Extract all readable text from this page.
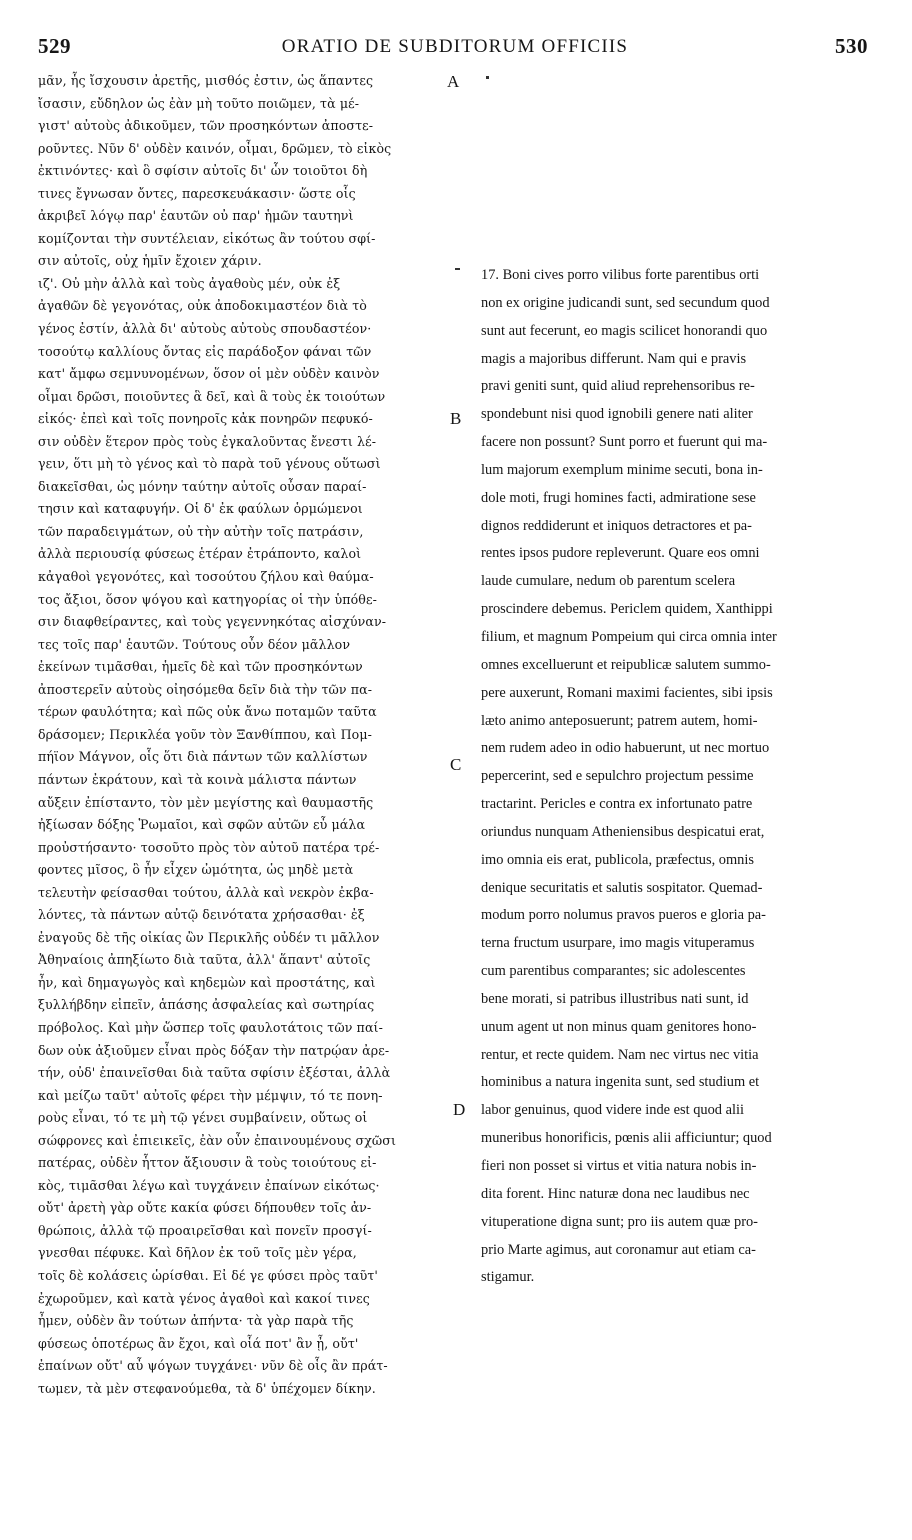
529	ORATIO DE SUBDITORUM OFFICIIS	530
μᾶν, ἧς ἴσχουσιν ἀρετῆς, μισθός ἐστιν, ὡς ἅπαντες
ἴσασιν, εὔδηλον ὡς ἐὰν μὴ τοῦτο ποιῶμεν, τὰ μέ-
γιστ' αὐτοὺς ἀδικοῦμεν, τῶν προσηκόντων ἀποστε-
ροῦντες. Νῦν δ' οὐδὲν καινόν, οἶμαι, δρῶμεν, τὸ εἰκὸς
ἐκτινόντες· καὶ ὃ σφίσιν αὐτοῖς δι' ὧν τοιοῦτοι δὴ
τινες ἔγνωσαν ὄντες, παρεσκευάκασιν· ὥστε οἷς
ἀκριβεῖ λόγῳ παρ' ἑαυτῶν οὐ παρ' ἡμῶν ταυτηνὶ
κομίζονται τὴν συντέλειαν, εἰκότως ἂν τούτου σφί-
σιν αὐτοῖς, οὐχ ἡμῖν ἔχοιεν χάριν.
ιζ'. Οὐ μὴν ἀλλὰ καὶ τοὺς ἀγαθοὺς μέν, οὐκ ἐξ
ἀγαθῶν δὲ γεγονότας, οὐκ ἀποδοκιμαστέον διὰ τὸ
γένος ἐστίν, ἀλλὰ δι' αὐτοὺς αὐτοὺς σπουδαστέον·
τοσούτῳ καλλίους ὄντας εἰς παράδοξον φάναι τῶν
κατ' ἄμφω σεμνυνομένων, ὅσον οἱ μὲν οὐδὲν καινὸν
οἶμαι δρῶσι, ποιοῦντες ἃ δεῖ, καὶ ἃ τοὺς ἐκ τοιούτων
εἰκός· ἐπεὶ καὶ τοῖς πονηροῖς κἀκ πονηρῶν πεφυκό-
σιν οὐδὲν ἕτερον πρὸς τοὺς ἐγκαλοῦντας ἔνεστι λέ-
γειν, ὅτι μὴ τὸ γένος καὶ τὸ παρὰ τοῦ γένους οὕτωσὶ
διακεῖσθαι, ὡς μόνην ταύτην αὐτοῖς οὖσαν παραί-
τησιν καὶ καταφυγήν. Οἱ δ' ἐκ φαύλων ὁρμώμενοι
τῶν παραδειγμάτων, οὐ τὴν αὐτὴν τοῖς πατράσιν,
ἀλλὰ περιουσίᾳ φύσεως ἑτέραν ἐτράποντο, καλοὶ
κἀγαθοὶ γεγονότες, καὶ τοσούτου ζήλου καὶ θαύμα-
τος ἄξιοι, ὅσον ψόγου καὶ κατηγορίας οἱ τὴν ὑπόθε-
σιν διαφθείραντες, καὶ τοὺς γεγεννηκότας αἰσχύναν-
τες τοῖς παρ' ἑαυτῶν. Τούτους οὖν δέον μᾶλλον
ἐκείνων τιμᾶσθαι, ἡμεῖς δὲ καὶ τῶν προσηκόντων
ἀποστερεῖν αὐτοὺς οἰησόμεθα δεῖν διὰ τὴν τῶν πα-
τέρων φαυλότητα; καὶ πῶς οὐκ ἄνω ποταμῶν ταῦτα
δράσομεν; Περικλέα γοῦν τὸν Ξανθίππου, καὶ Πομ-
πήϊον Μάγνον, οἷς ὅτι διὰ πάντων τῶν καλλίστων
πάντων ἐκράτουν, καὶ τὰ κοινὰ μάλιστα πάντων
αὔξειν ἐπίσταντο, τὸν μὲν μεγίστης καὶ θαυμαστῆς
ἠξίωσαν δόξης Ῥωμαῖοι, καὶ σφῶν αὐτῶν εὖ μάλα
προὐστήσαντο· τοσοῦτο πρὸς τὸν αὐτοῦ πατέρα τρέ-
φοντες μῖσος, ὃ ἦν εἶχεν ὠμότητα, ὡς μηδὲ μετὰ
τελευτὴν φείσασθαι τούτου, ἀλλὰ καὶ νεκρὸν ἐκβα-
λόντες, τὰ πάντων αὐτῷ δεινότατα χρήσασθαι· ἐξ
ἐναγοῦς δὲ τῆς οἰκίας ὢν Περικλῆς οὐδέν τι μᾶλλον
Ἀθηναίοις ἀπηξίωτο διὰ ταῦτα, ἀλλ' ἅπαντ' αὐτοῖς
ἦν, καὶ δημαγωγὸς καὶ κηδεμὼν καὶ προστάτης, καὶ
ξυλλήβδην εἰπεῖν, ἁπάσης ἀσφαλείας καὶ σωτηρίας
πρόβολος. Καὶ μὴν ὥσπερ τοῖς φαυλοτάτοις τῶν παί-
δων οὐκ ἀξιοῦμεν εἶναι πρὸς δόξαν τὴν πατρῴαν ἀρε-
τήν, οὐδ' ἐπαινεῖσθαι διὰ ταῦτα σφίσιν ἐξέσται, ἀλλὰ
καὶ μείζω ταῦτ' αὐτοῖς φέρει τὴν μέμψιν, τό τε πονη-
ροὺς εἶναι, τό τε μὴ τῷ γένει συμβαίνειν, οὕτως οἱ
σώφρονες καὶ ἐπιεικεῖς, ἐὰν οὖν ἐπαινουμένους σχῶσι
πατέρας, οὐδὲν ἧττον ἄξιουσιν ἃ τοὺς τοιούτους εἰ-
κὸς, τιμᾶσθαι λέγω καὶ τυγχάνειν ἐπαίνων εἰκότως·
οὔτ' ἀρετὴ γὰρ οὔτε κακία φύσει δήπουθεν τοῖς ἀν-
θρώποις, ἀλλὰ τῷ προαιρεῖσθαι καὶ πονεῖν προσγί-
γνεσθαι πέφυκε. Καὶ δῆλον ἐκ τοῦ τοῖς μὲν γέρα,
τοῖς δὲ κολάσεις ὡρίσθαι. Εἰ δέ γε φύσει πρὸς ταῦτ'
ἐχωροῦμεν, καὶ κατὰ γένος ἀγαθοὶ καὶ κακοί τινες
ἦμεν, οὐδὲν ἂν τούτων ἀπήντα· τὰ γὰρ παρὰ τῆς
φύσεως ὁποτέρως ἂν ἔχοι, καὶ οἷά ποτ' ἂν ᾖ, οὔτ'
ἐπαίνων οὔτ' αὖ ψόγων τυγχάνει· νῦν δὲ οἷς ἂν πράτ-
τωμεν, τὰ μὲν στεφανούμεθα, τὰ δ' ὑπέχομεν δίκην.
17. Boni cives porro vilibus forte parentibus orti
non ex origine judicandi sunt, sed secundum quod
sunt aut fecerunt, eo magis scilicet honorandi quo
magis a majoribus differunt. Nam qui e pravis
pravi geniti sunt, quid aliud reprehensoribus re-
spondebunt nisi quod ignobili genere nati aliter
facere non possunt? Sunt porro et fuerunt qui ma-
lum majorum exemplum minime secuti, bona in-
dole moti, frugi homines facti, admiratione sese
dignos reddiderunt et iniquos detractores et pa-
rentes ipsos pudore repleverunt. Quare eos omni
laude cumulare, nedum ob parentum scelera
proscindere debemus. Periclem quidem, Xanthippi
filium, et magnum Pompeium qui circa omnia inter
omnes excelluerunt et reipublicæ salutem summo-
pere auxerunt, Romani maximi facientes, sibi ipsis
læto animo anteposuerunt; patrem autem, homi-
nem rudem adeo in odio habuerunt, ut nec mortuo
pepercerint, sed e sepulchro projectum pessime
tractarint. Pericles e contra ex infortunato patre
oriundus nunquam Atheniensibus despicatui erat,
imo omnia eis erat, publicola, præfectus, omnis
denique securitatis et salutis sospitator. Quemad-
modum porro nolumus pravos pueros e gloria pa-
terna fructum usurpare, imo magis vituperamus
cum parentibus comparantes; sic adolescentes
bene morati, si patribus illustribus nati sunt, id
unum agent ut non minus quam genitores hono-
rentur, et recte quidem. Nam nec virtus nec vitia
hominibus a natura ingenita sunt, sed studium et
labor genuinus, quod videre inde est quod alii
muneribus honorificis, pœnis alii afficiuntur; quod
fieri non posset si virtus et vitia natura nobis in-
dita forent. Hinc naturæ dona nec laudibus nec
vituperatione digna sunt; pro iis autem quæ pro-
prio Marte agimus, aut coronamur aut etiam ca-
stigamur.
A
B
C
D
